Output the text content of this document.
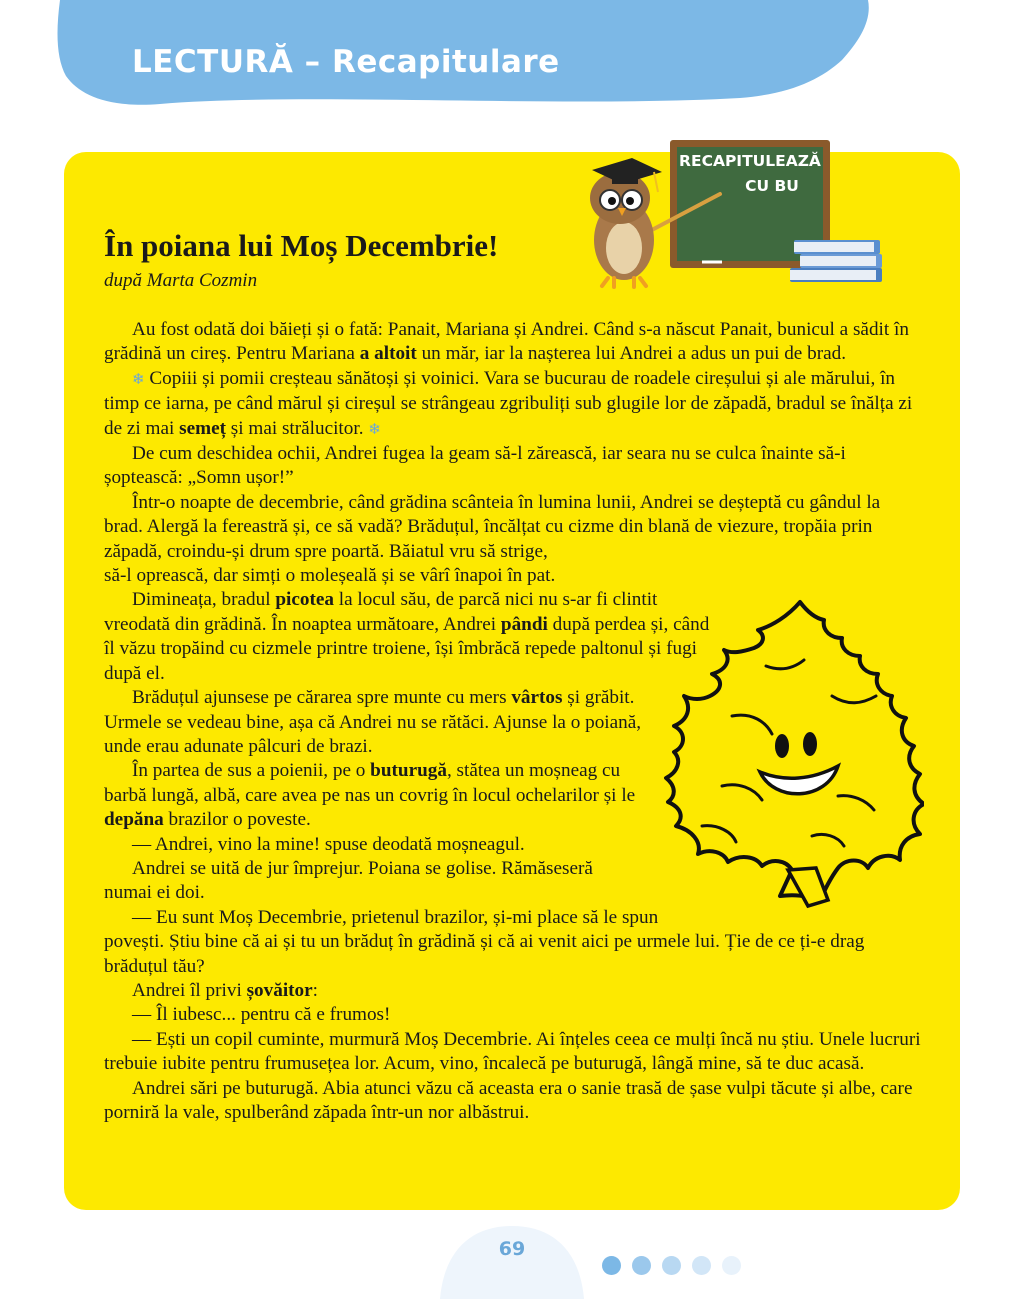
LECTURĂ – Recapitulare
RECAPITULEAZĂ
CU BU
În poiana lui Moș Decembrie!
după Marta Cozmin

Au fost odată doi băieți și o fată: Panait, Mariana și Andrei. Când s-a născut Panait, bunicul a sădit în grădină un cireș. Pentru Mariana a altoit un măr, iar la nașterea lui Andrei a adus un pui de brad.

❄ Copiii și pomii creșteau sănătoși și voinici. Vara se bucurau de roadele cireșului și ale mărului, în timp ce iarna, pe când mărul și cireșul se strângeau zgribuliți sub glugile lor de zăpadă, bradul se înălța zi de zi mai semeț și mai strălucitor. ❄

De cum deschidea ochii, Andrei fugea la geam să-l zărească, iar seara nu se culca înainte să-i șoptească: „Somn ușor!”

Într-o noapte de decembrie, când grădina scânteia în lumina lunii, Andrei se deșteptă cu gândul la brad. Alergă la fereastră și, ce să vadă? Brăduțul, încălțat cu cizme din blană de viezure, tropăia prin zăpadă, croindu-și drum spre poartă. Băiatul vru să strige,

să-l oprească, dar simți o moleșeală și se vârî înapoi în pat.

Dimineața, bradul picotea la locul său, de parcă nici nu s-ar fi clintit vreodată din grădină. În noaptea următoare, Andrei pândi după perdea și, când îl văzu tropăind cu cizmele printre troiene, își îmbrăcă repede paltonul și fugi după el.

Brăduțul ajunsese pe cărarea spre munte cu mers vârtos și grăbit. Urmele se vedeau bine, așa că Andrei nu se rătăci. Ajunse la o poiană, unde erau adunate pâlcuri de brazi.

În partea de sus a poienii, pe o buturugă, stătea un moșneag cu barbă lungă, albă, care avea pe nas un covrig în locul ochelarilor și le depăna brazilor o poveste.

— Andrei, vino la mine! spuse deodată moșneagul.

Andrei se uită de jur împrejur. Poiana se golise. Rămăseseră numai ei doi.

— Eu sunt Moș Decembrie, prietenul brazilor, și-mi place să le spun

povești. Știu bine că ai și tu un brăduț în grădină și că ai venit aici pe urmele lui. Ție de ce ți-e drag brăduțul tău?

Andrei îl privi șovăitor:

— Îl iubesc... pentru că e frumos!

— Ești un copil cuminte, murmură Moș Decembrie. Ai înțeles ceea ce mulți încă nu știu. Unele lucruri trebuie iubite pentru frumusețea lor. Acum, vino, încalecă pe buturugă, lângă mine, să te duc acasă.

Andrei sări pe buturugă. Abia atunci văzu că aceasta era o sanie trasă de șase vulpi tăcute și albe, care porniră la vale, spulberând zăpada într-un nor albăstrui.

69
